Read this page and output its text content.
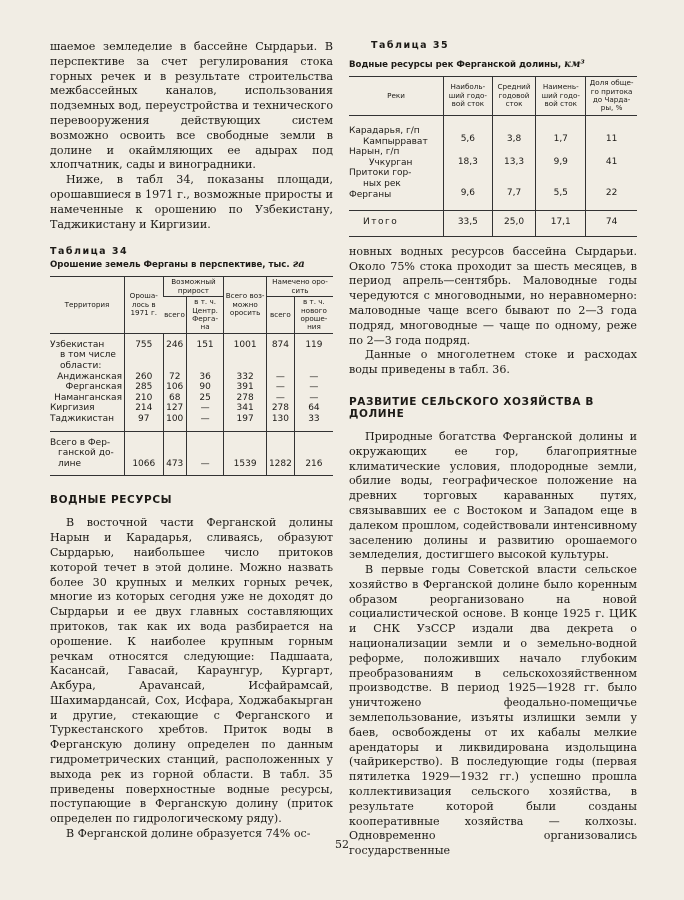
шаемое земледелие в бассейне Сырдарьи. В перспективе за счет регулирования стока горных речек и в результате строительства межбассейных каналов, использования подземных вод, переустройства и технического перевооружения действующих систем возможно освоить все свободные земли в долине и окаймляющих ее адырах под хлопчатник, сады и виноградники.

Ниже, в табл 34, показаны площади, орошавшиеся в 1971 г., возможные приросты и намеченные к орошению по Узбекистану, Таджикистану и Киргизии.

Таблица 34
Орошение земель Ферганы в перспективе, тыс. га
Территория	Ороша- лось в 1971 г.	Возможный прирост		Всего воз- можно оросить	Намечено оро- сить	
		всего	в т. ч. Центр. Ферга- на		всего	в т. ч. нового ороше- ния
Узбекистан	755	246	151	1001	874	119
в том числе						
области:						

Андижанская	260	72	36	332	—	—

Ферганская	285	106	90	391	—	—

Наманганская	210	68	25	278	—	—
Киргизия	214	127	—	341	278	64
Таджикистан	97	100	—	197	130	33
Всего в Фер-
ганской до-
лине	1066	473	—	1539	1282	216
ВОДНЫЕ РЕСУРСЫ

В восточной части Ферганской долины Нарын и Карадарья, сливаясь, образуют Сырдарью, наибольшее число притоков которой течет в этой долине. Можно назвать более 30 крупных и мелких горных речек, многие из которых сегодня уже не доходят до Сырдарьи и ее двух главных составляющих притоков, так как их вода разбирается на орошение. К наиболее крупным горным речкам относятся следующие: Падшаата, Касансай, Гавасай, Караунгур, Кургарт, Акбура, Араvансай, Исфайрамсай, Шахимардансай, Сох, Исфара, Ходжабакырган и другие, стекающие с Ферганского и Туркестанского хребтов. Приток воды в Ферганскую долину определен по данным гидрометрических станций, расположенных у выхода рек из горной области. В табл. 35 приведены поверхностные водные ресурсы, поступающие в Ферганскую долину (приток определен по гидрологическому ряду).

В Ферганской долине образуется 74% ос-

Таблица 35
Водные ресурсы рек Ферганской долины, км³
Реки	Наиболь- ший годо- вой сток	Средний годовой сток	Наимень- ший годо- вой сток	Доля обще- го притока до Чарда- ры, %
Карадарья, г/п
Кампыррават	5,6	3,8	1,7	11
Нарын, г/п
Учкурган	18,3	13,3	9,9	41
Притоки гор-
ных рек Ферганы	9,6	7,7	5,5	22
Итого	33,5	25,0	17,1	74

новных водных ресурсов бассейна Сырдарьи. Около 75% стока проходит за шесть месяцев, в период апрель—сентябрь. Маловодные годы чередуются с многоводными, но неравномерно: маловодные чаще всего бывают по 2—3 года подряд, многоводные — чаще по одному, реже по 2—3 года подряд.

Данные о многолетнем стоке и расходах воды приведены в табл. 36.

РАЗВИТИЕ СЕЛЬСКОГО ХОЗЯЙСТВА В ДОЛИНЕ

Природные богатства Ферганской долины и окружающих ее гор, благоприятные климатические условия, плодородные земли, обилие воды, географическое положение на древних торговых караванных путях, связывавших ее с Востоком и Западом еще в далеком прошлом, содействовали интенсивному заселению долины и развитию орошаемого земледелия, достигшего высокой культуры.

В первые годы Советской власти сельское хозяйство в Ферганской долине было коренным образом реорганизовано на новой социалистической основе. В конце 1925 г. ЦИК и СНК УзССР издали два декрета о национализации земли и о земельно-водной реформе, положивших начало глубоким преобразованиям в сельскохозяйственном производстве. В период 1925—1928 гг. было уничтожено феодально-помещичье землепользование, изъяты излишки земли у баев, освобождены от их кабалы мелкие арендаторы и ликвидирована издольщина (чайрикерство). В последующие годы (первая пятилетка 1929—1932 гг.) успешно прошла коллективизация сельского хозяйства, в результате которой были созданы кооперативные хозяйства — колхозы. Одновременно организовались государственные

52
